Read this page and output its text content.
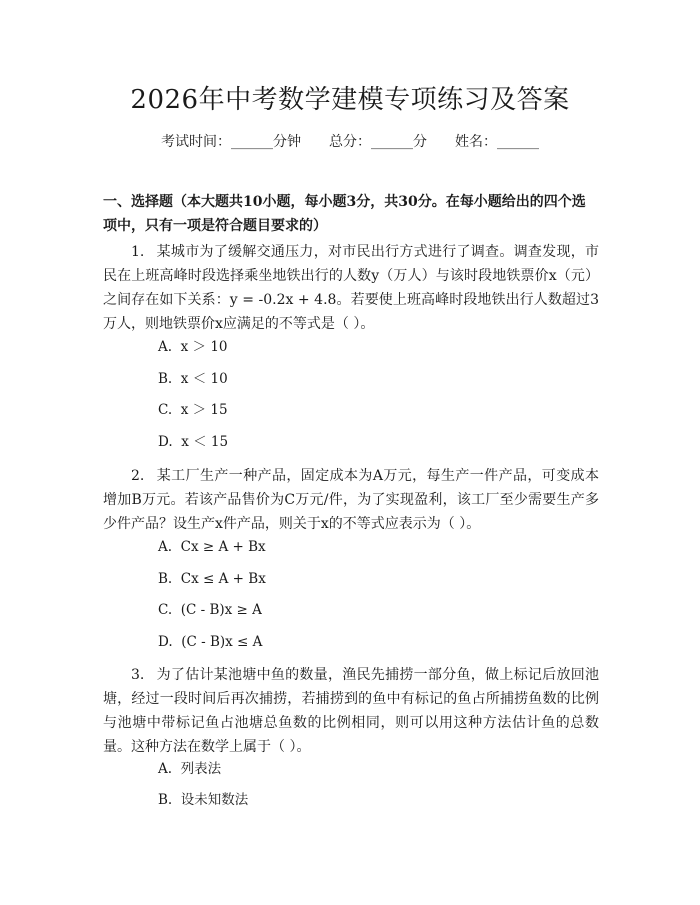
2026年中考数学建模专项练习及答案
考试时间：______分钟 总分：______分 姓名：______
一、选择题（本大题共10小题，每小题3分，共30分。在每小题给出的四个选项中，只有一项是符合题目要求的）
1. 某城市为了缓解交通压力，对市民出行方式进行了调查。调查发现，市民在上班高峰时段选择乘坐地铁出行的人数y（万人）与该时段地铁票价x（元）之间存在如下关系：y = -0.2x + 4.8。若要使上班高峰时段地铁出行人数超过3万人，则地铁票价x应满足的不等式是（ ）。
A.  x ＞ 10
B.  x ＜ 10
C.  x ＞ 15
D.  x ＜ 15
2. 某工厂生产一种产品，固定成本为A万元，每生产一件产品，可变成本增加B万元。若该产品售价为C万元/件，为了实现盈利，该工厂至少需要生产多少件产品？设生产x件产品，则关于x的不等式应表示为（ ）。
A.  Cx ≥ A + Bx
B.  Cx ≤ A + Bx
C.  (C - B)x ≥ A
D.  (C - B)x ≤ A
3. 为了估计某池塘中鱼的数量，渔民先捕捞一部分鱼，做上标记后放回池塘，经过一段时间后再次捕捞，若捕捞到的鱼中有标记的鱼占所捕捞鱼数的比例与池塘中带标记鱼占池塘总鱼数的比例相同，则可以用这种方法估计鱼的总数量。这种方法在数学上属于（ ）。
A.  列表法
B.  设未知数法
